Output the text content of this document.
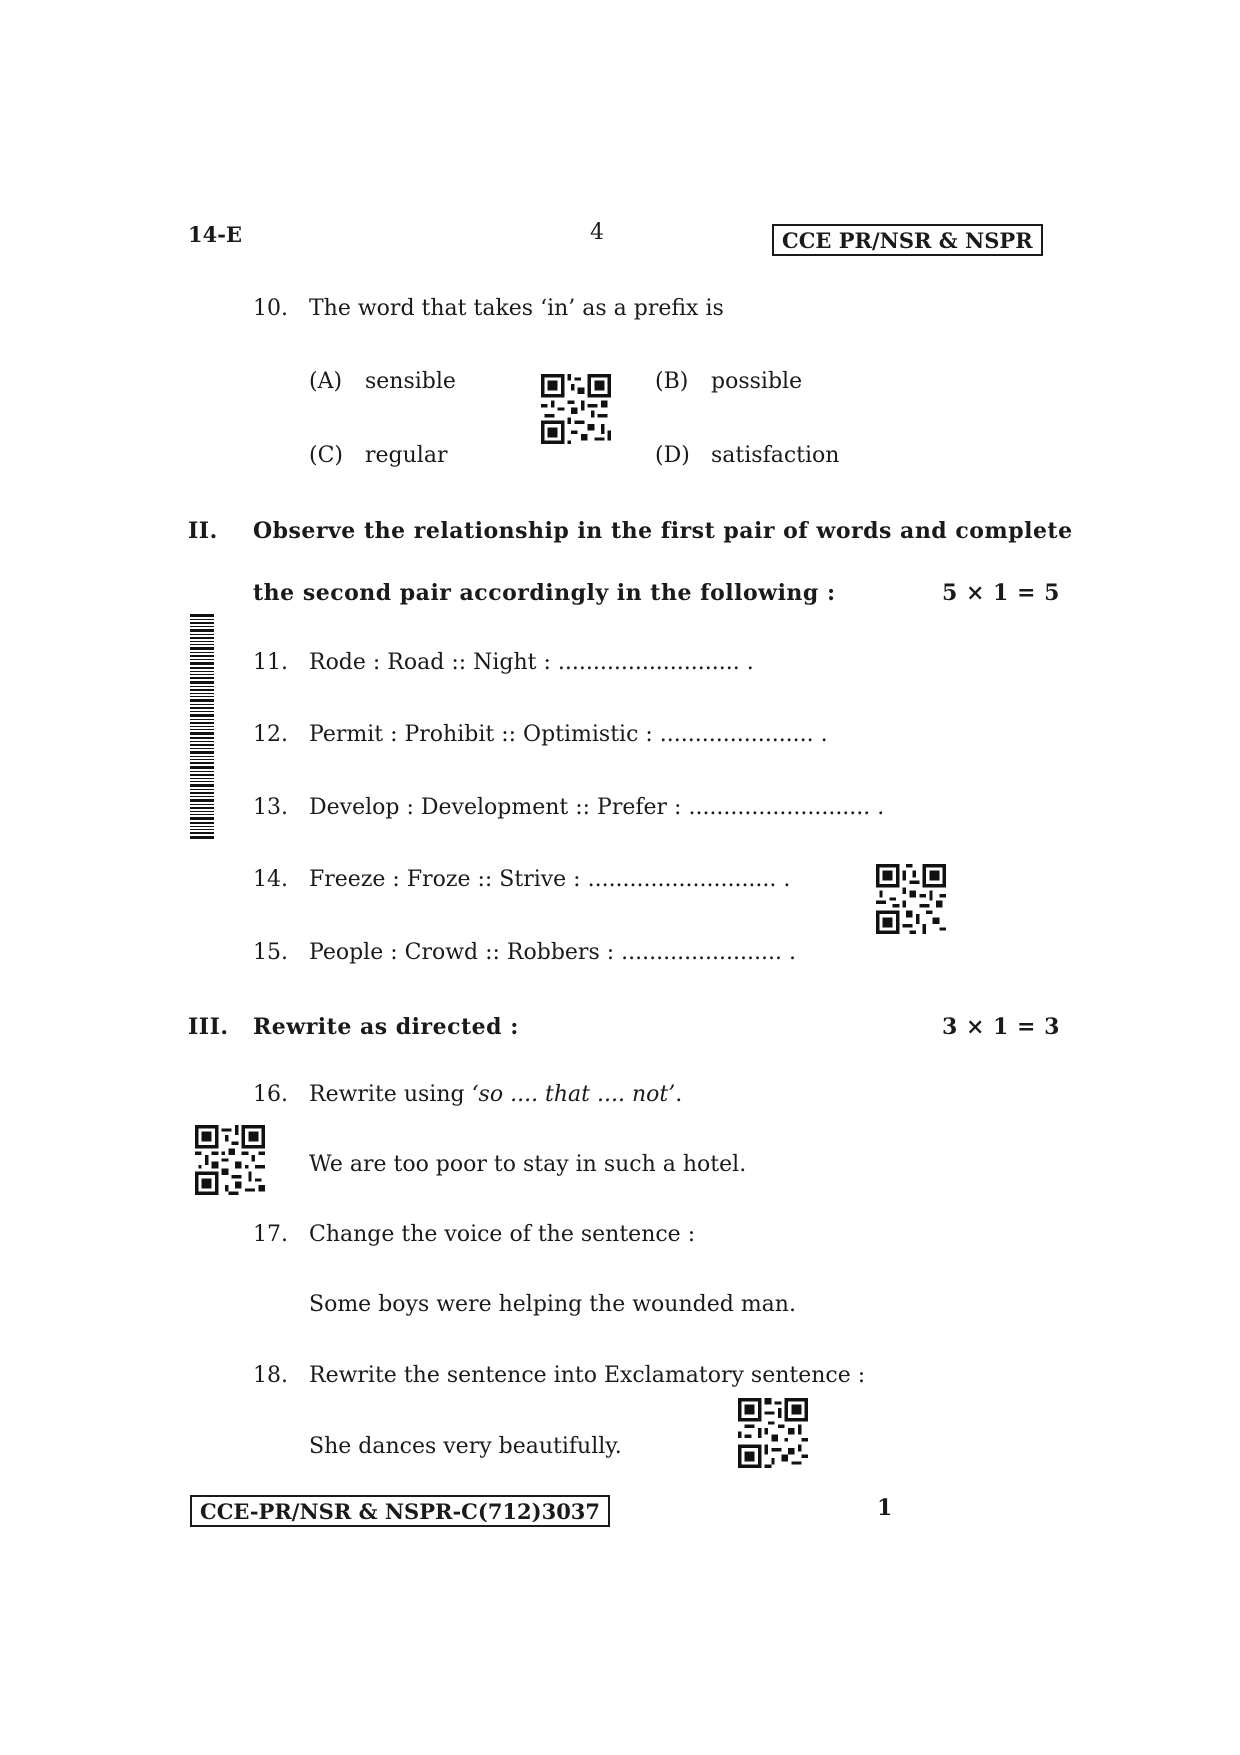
14-E	4	CCE PR/NSR & NSPR
10. The word that takes ‘in’ as a prefix is
(A) sensible	(B) possible
(C) regular	(D) satisfaction
II. Observe the relationship in the first pair of words and complete
the second pair accordingly in the following :	5 × 1 = 5
11. Rode : Road :: Night : .......................... .
12. Permit : Prohibit :: Optimistic : ...................... .
13. Develop : Development :: Prefer : .......................... .
14. Freeze : Froze :: Strive : ........................... .
15. People : Crowd :: Robbers : ....................... .
III. Rewrite as directed :	3 × 1 = 3
16. Rewrite using ‘so .... that .... not’.
We are too poor to stay in such a hotel.
17. Change the voice of the sentence :
Some boys were helping the wounded man.
18. Rewrite the sentence into Exclamatory sentence :
She dances very beautifully.
CCE-PR/NSR & NSPR-C(712)3037	1
